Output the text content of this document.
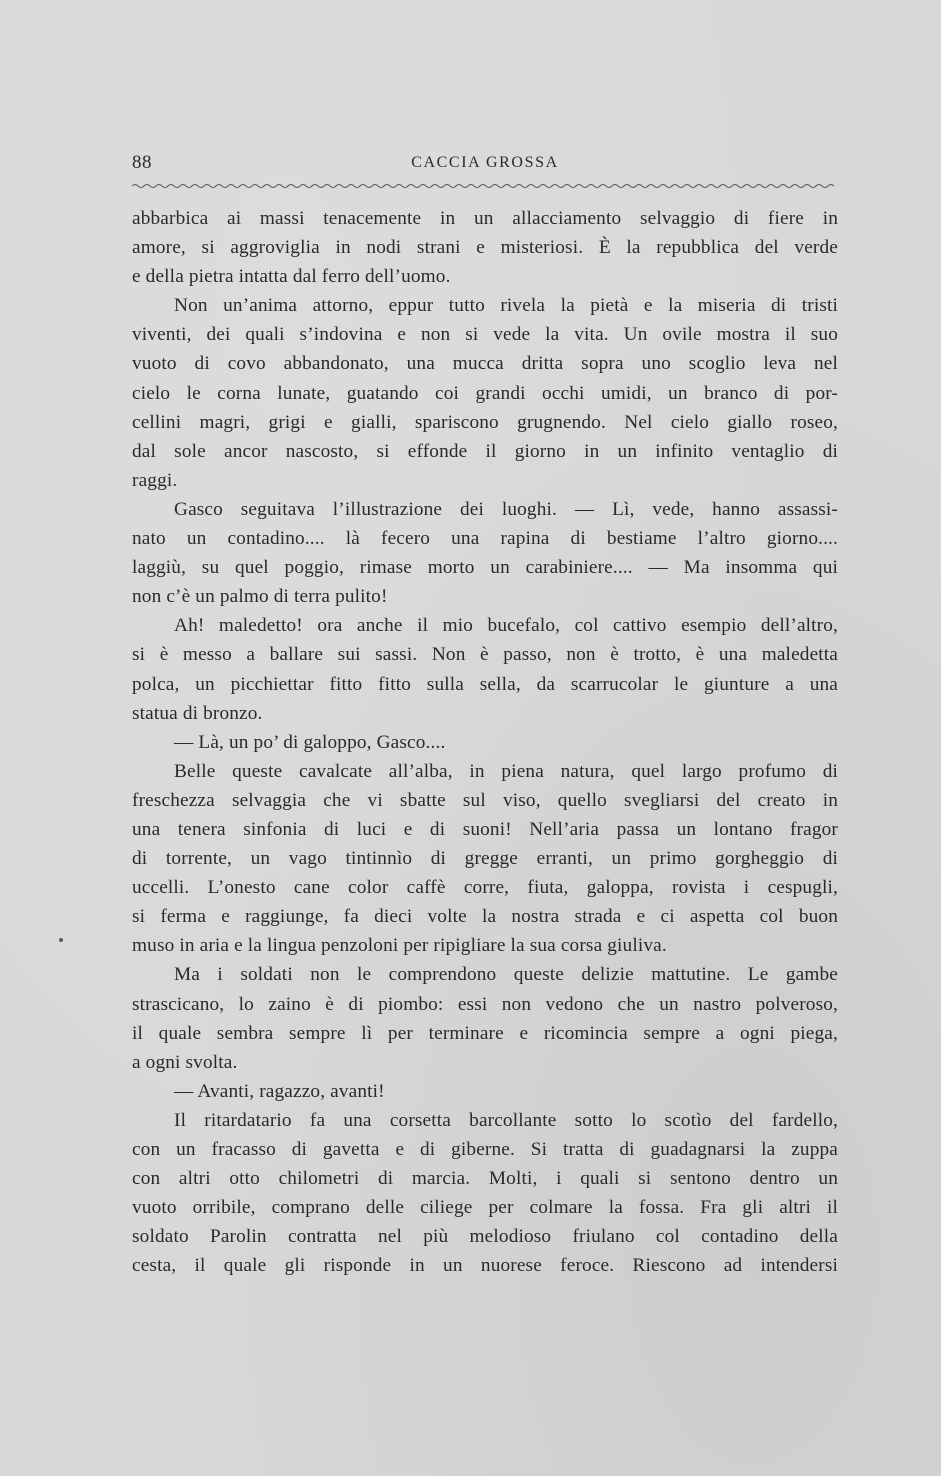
88	CACCIA GROSSA
abbarbica ai massi tenacemente in un allacciamento selvaggio di fiere in
amore, si aggroviglia in nodi strani e misteriosi. È la repubblica del verde
e della pietra intatta dal ferro dell’uomo.
Non un’anima attorno, eppur tutto rivela la pietà e la miseria di tristi
viventi, dei quali s’indovina e non si vede la vita. Un ovile mostra il suo
vuoto di covo abbandonato, una mucca dritta sopra uno scoglio leva nel
cielo le corna lunate, guatando coi grandi occhi umidi, un branco di por-
cellini magri, grigi e gialli, spariscono grugnendo. Nel cielo giallo roseo,
dal sole ancor nascosto, si effonde il giorno in un infinito ventaglio di
raggi.
Gasco seguitava l’illustrazione dei luoghi. — Lì, vede, hanno assassi-
nato un contadino.... là fecero una rapina di bestiame l’altro giorno....
laggiù, su quel poggio, rimase morto un carabiniere.... — Ma insomma qui
non c’è un palmo di terra pulito!
Ah! maledetto! ora anche il mio bucefalo, col cattivo esempio dell’altro,
si è messo a ballare sui sassi. Non è passo, non è trotto, è una maledetta
polca, un picchiettar fitto fitto sulla sella, da scarrucolar le giunture a una
statua di bronzo.
— Là, un po’ di galoppo, Gasco....
Belle queste cavalcate all’alba, in piena natura, quel largo profumo di
freschezza selvaggia che vi sbatte sul viso, quello svegliarsi del creato in
una tenera sinfonia di luci e di suoni! Nell’aria passa un lontano fragor
di torrente, un vago tintinnìo di gregge erranti, un primo gorgheggio di
uccelli. L’onesto cane color caffè corre, fiuta, galoppa, rovista i cespugli,
si ferma e raggiunge, fa dieci volte la nostra strada e ci aspetta col buon
muso in aria e la lingua penzoloni per ripigliare la sua corsa giuliva.
Ma i soldati non le comprendono queste delizie mattutine. Le gambe
strascicano, lo zaino è di piombo: essi non vedono che un nastro polveroso,
il quale sembra sempre lì per terminare e ricomincia sempre a ogni piega,
a ogni svolta.
— Avanti, ragazzo, avanti!
Il ritardatario fa una corsetta barcollante sotto lo scotìo del fardello,
con un fracasso di gavetta e di giberne. Si tratta di guadagnarsi la zuppa
con altri otto chilometri di marcia. Molti, i quali si sentono dentro un
vuoto orribile, comprano delle ciliege per colmare la fossa. Fra gli altri il
soldato Parolin contratta nel più melodioso friulano col contadino della
cesta, il quale gli risponde in un nuorese feroce. Riescono ad intendersi
